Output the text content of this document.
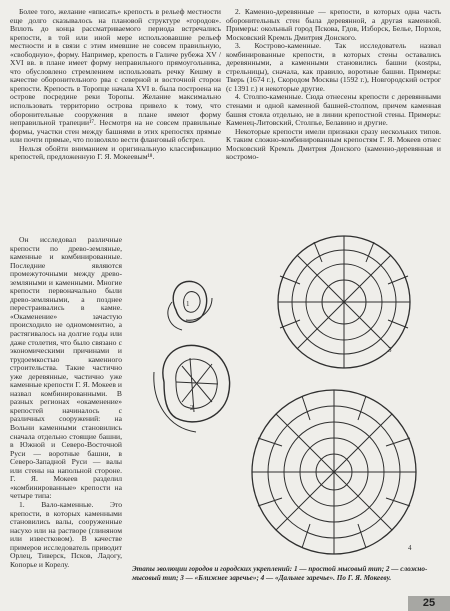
Более того, желание «вписать» крепость в рельеф местности еще долго сказывалось на плановой структуре «городов». Вплоть до конца рассматриваемого периода встречались крепости, в той или иной мере использовавшие рельеф местности и в связи с этим имевшие не совсем правильную, «свободную», форму. Например, крепость в Галиче рубежа XV / XVI вв. в плане имеет форму неправильного прямоугольника, что обусловлено стремлением использовать речку Кешму в качестве оборонительного рва с северной и восточной сторон крепости. Крепость в Торопце начала XVI в. была построена на острове посредине реки Торопы. Желание максимально использовать территорию острова привело к тому, что оборонительные сооружения в плане имеют форму неправильной трапеции¹⁷. Несмотря на не совсем правильные формы, участки стен между башнями в этих крепостях прямые или почти прямые, что позволяло вести фланговый обстрел.

Нельзя обойти вниманием и оригинальную классификацию крепостей, предложенную Г. Я. Мокеевым¹⁸.

Он исследовал различные крепости по древо-земляные, каменные и комбинированные. Последние являются промежуточными между древо-земляными и каменными. Многие крепости первоначально были древо-земляными, а позднее перестраивались в камне. «Окаменение» зачастую происходило не одномоментно, а растягивалось на долгие годы или даже столетия, что было связано с экономическими причинами и трудоемкостью каменного строительства. Такие частично уже деревянные, частично уже каменные крепости Г. Я. Мокеев и назвал комбинированными. В разных регионах «окаменение» крепостей начиналось с различных сооружений: на Вольни каменными становились сначала отдельно стоящие башни, в Южной и Северо-Восточной Руси — воротные башни, в Северо-Западной Руси — валы или стены на напольной стороне. Г. Я. Мокеев разделил «комбинированные» крепости на четыре типа:

1. Вало-каменные. Это крепости, в которых каменными становились валы, сооруженные насухо или на растворе (глиняном или известковом). В качестве примеров исследователь приводит Орлец, Тиверск, Псков, Ладогу, Копорье и Корелу.

2. Каменно-деревянные — крепости, в которых одна часть оборонительных стен была деревянной, а другая каменной. Примеры: окольный город Пскова, Гдов, Изборск, Белье, Порхов, Московский Кремль Дмитрия Донского.

3. Кострово-каменные. Так исследователь назвал комбинированные крепости, в которых стены оставались деревянными, а каменными становились башни (кostры, стрельницы), сначала, как правило, воротные башни. Примеры: Тверь (1674 г.), Скородом Москвы (1592 г.), Новгородский острог (с 1391 г.) и некоторые другие.

4. Столпо-каменные. Сюда отнесены крепости с деревянными стенами и одной каменной башней-столпом, причем каменная башня стояла отдельно, не в линии крепостной стены. Примеры: Каменец-Литовский, Столпье, Белавино и другие.

Некоторые крепости имели признаки сразу нескольких типов. К таким сложно-комбинированным крепостям Г. Я. Мокеев отнес Московский Кремль Дмитрия Донского (каменно-деревянная и костромо-

1
2
3
4
Этапы эволюции городов и городских укреплений: 1 — простой мысовый тип; 2 — сложно-мысовый тип; 3 — «Ближнее заречье»; 4 — «Дальнее заречье». По Г. Я. Мокееву.
25
